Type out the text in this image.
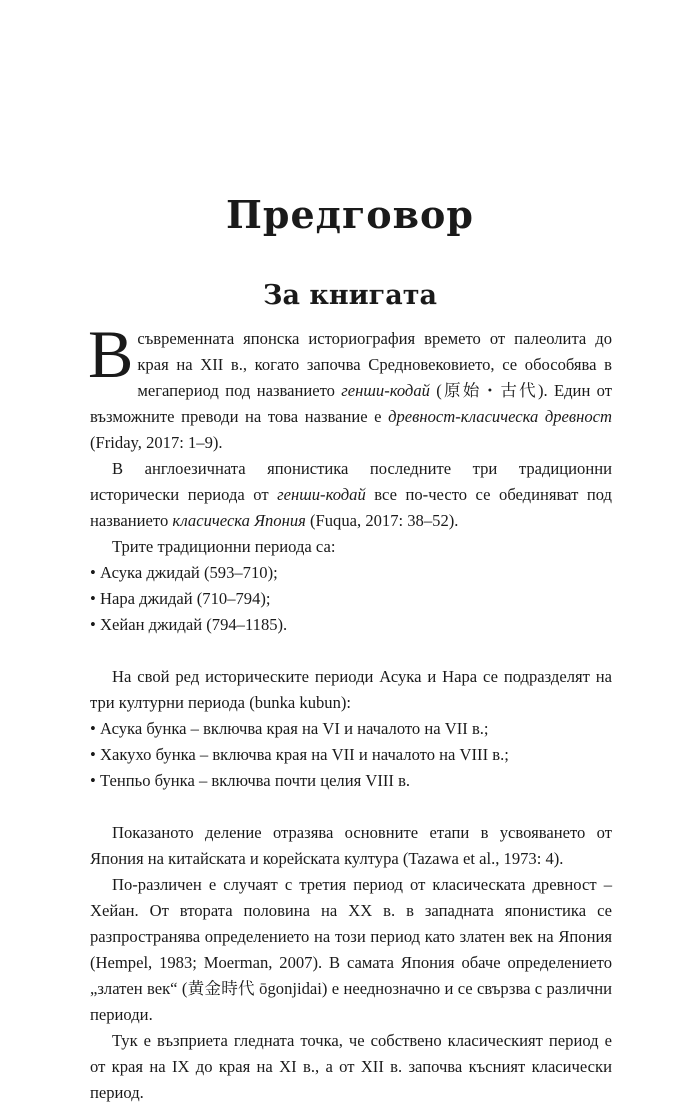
Предговор
За книгата

В съвременната японска историография времето от палеолита до края на XII в., когато започва Средновековието, се обособява в мегапериод под названието генши-кодай (原始・古代). Един от възможните преводи на това название е древност-класическа древност (Friday, 2017: 1–9).

В англоезичната японистика последните три традиционни исторически периода от генши-кодай все по-често се обединяват под названието класическа Япония (Fuqua, 2017: 38–52).

Трите традиционни периода са:

• Асука джидай (593–710);
• Нара джидай (710–794);
• Хейан джидай (794–1185).

На свой ред историческите периоди Асука и Нара се подразделят на три културни периода (bunka kubun):

• Асука бунка – включва края на VI и началото на VII в.;
• Хакухо бунка – включва края на VII и началото на VIII в.;
• Тенпьо бунка – включва почти целия VIII в.

Показаното деление отразява основните етапи в усвояването от Япония на китайската и корейската култура (Tazawa et al., 1973: 4).

По-различен е случаят с третия период от класическата древност – Хейан. От втората половина на XX в. в западната японистика се разпространява определението на този период като златен век на Япония (Hempel, 1983; Moerman, 2007). В самата Япония обаче определението „златен век“ (黄金時代 ōgonjidai) е нееднозначно и се свързва с различни периоди.

Тук е възприета гледната точка, че собствено класическият период е от края на IX до края на XI в., а от XII в. започва късният класически период.
